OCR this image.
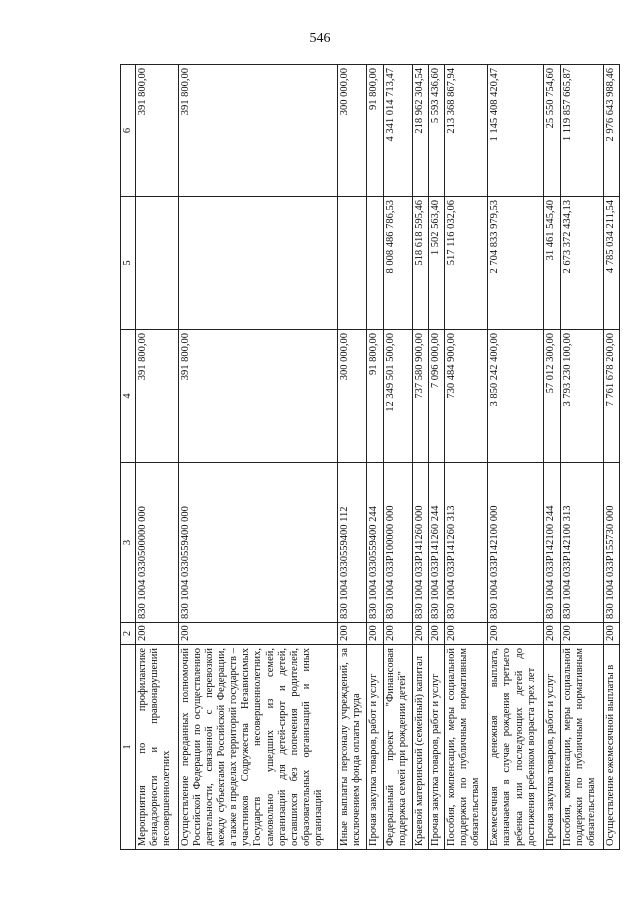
546
1	2	3	4	5	6
Мероприятия по профилактике безнадзорности и правонарушений несовершеннолетних	200	830 1004 0330500000 000	391 800,00		391 800,00
Осуществление переданных полномочий Российской Федерации по осуществлению деятельности, связанной с перевозкой между субъектами Российской Федерации, а также в пределах территорий государств – участников Содружества Независимых Государств несовершеннолетних, самовольно ушедших из семей, организаций для детей-сирот и детей, оставшихся без попечения родителей, образовательных организаций и иных организаций	200	830 1004 0330559400 000	391 800,00		391 800,00
Иные выплаты персоналу учреждений, за исключением фонда оплаты труда	200	830 1004 0330559400 112	300 000,00		300 000,00
Прочая закупка товаров, работ и услуг	200	830 1004 0330559400 244	91 800,00		91 800,00
Федеральный проект "Финансовая поддержка семей при рождении детей"	200	830 1004 033P100000 000	12 349 501 500,00	8 008 486 786,53	4 341 014 713,47
Краевой материнский (семейный) капитал	200	830 1004 033P141260 000	737 580 900,00	518 618 595,46	218 962 304,54
Прочая закупка товаров, работ и услуг	200	830 1004 033P141260 244	7 096 000,00	1 502 563,40	5 593 436,60
Пособия, компенсации, меры социальной поддержки по публичным нормативным обязательствам	200	830 1004 033P141260 313	730 484 900,00	517 116 032,06	213 368 867,94
Ежемесячная денежная выплата, назначаемая в случае рождения третьего ребенка или последующих детей до достижения ребенком возраста трех лет	200	830 1004 033P142100 000	3 850 242 400,00	2 704 833 979,53	1 145 408 420,47
Прочая закупка товаров, работ и услуг	200	830 1004 033P142100 244	57 012 300,00	31 461 545,40	25 550 754,60
Пособия, компенсации, меры социальной поддержки по публичным нормативным обязательствам	200	830 1004 033P142100 313	3 793 230 100,00	2 673 372 434,13	1 119 857 665,87
Осуществление ежемесячной выплаты в	200	830 1004 033P155730 000	7 761 678 200,00	4 785 034 211,54	2 976 643 988,46
